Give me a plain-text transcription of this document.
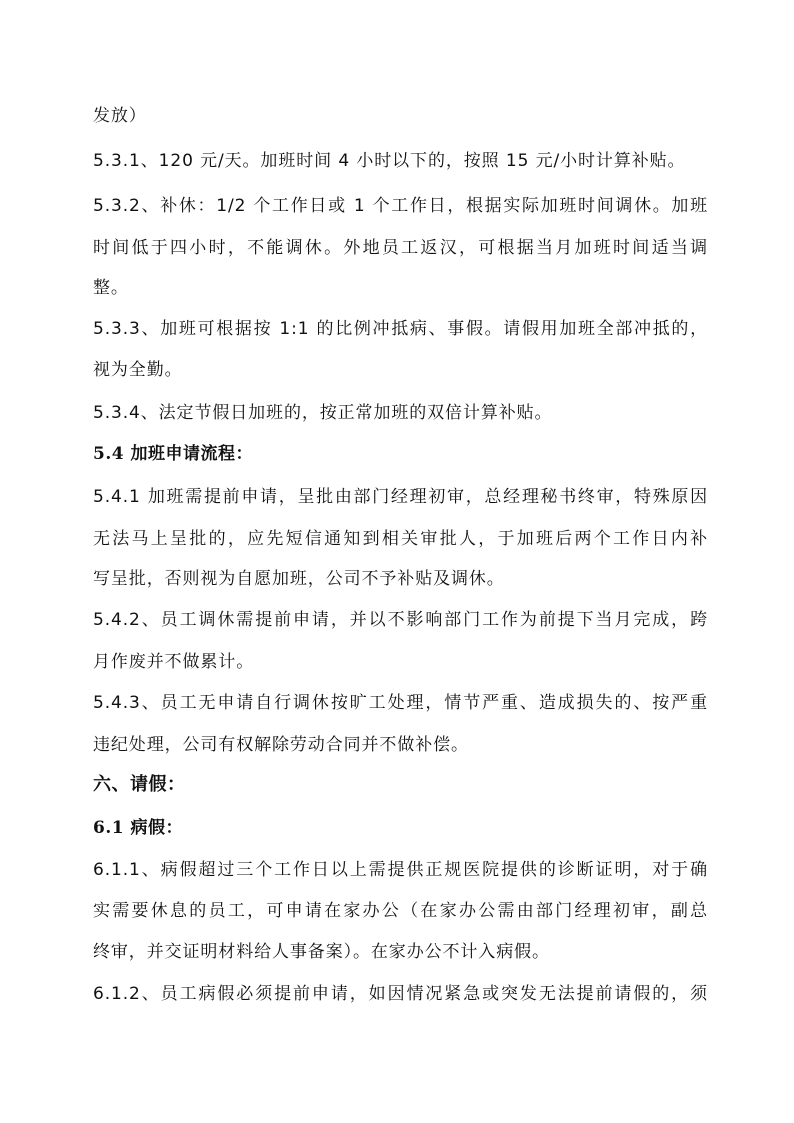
发放）
5.3.1、120 元/天。加班时间 4 小时以下的，按照 15 元/小时计算补贴。
5.3.2、补休：1/2 个工作日或 1 个工作日，根据实际加班时间调休。加班
时间低于四小时，不能调休。外地员工返汉，可根据当月加班时间适当调
整。
5.3.3、加班可根据按 1:1 的比例冲抵病、事假。请假用加班全部冲抵的，
视为全勤。
5.3.4、法定节假日加班的，按正常加班的双倍计算补贴。
5.4 加班申请流程：
5.4.1 加班需提前申请，呈批由部门经理初审，总经理秘书终审，特殊原因
无法马上呈批的，应先短信通知到相关审批人，于加班后两个工作日内补
写呈批，否则视为自愿加班，公司不予补贴及调休。
5.4.2、员工调休需提前申请，并以不影响部门工作为前提下当月完成，跨
月作废并不做累计。
5.4.3、员工无申请自行调休按旷工处理，情节严重、造成损失的、按严重
违纪处理，公司有权解除劳动合同并不做补偿。
六、请假：
6.1 病假：
6.1.1、病假超过三个工作日以上需提供正规医院提供的诊断证明，对于确
实需要休息的员工，可申请在家办公（在家办公需由部门经理初审，副总
终审，并交证明材料给人事备案）。在家办公不计入病假。
6.1.2、员工病假必须提前申请，如因情况紧急或突发无法提前请假的，须
